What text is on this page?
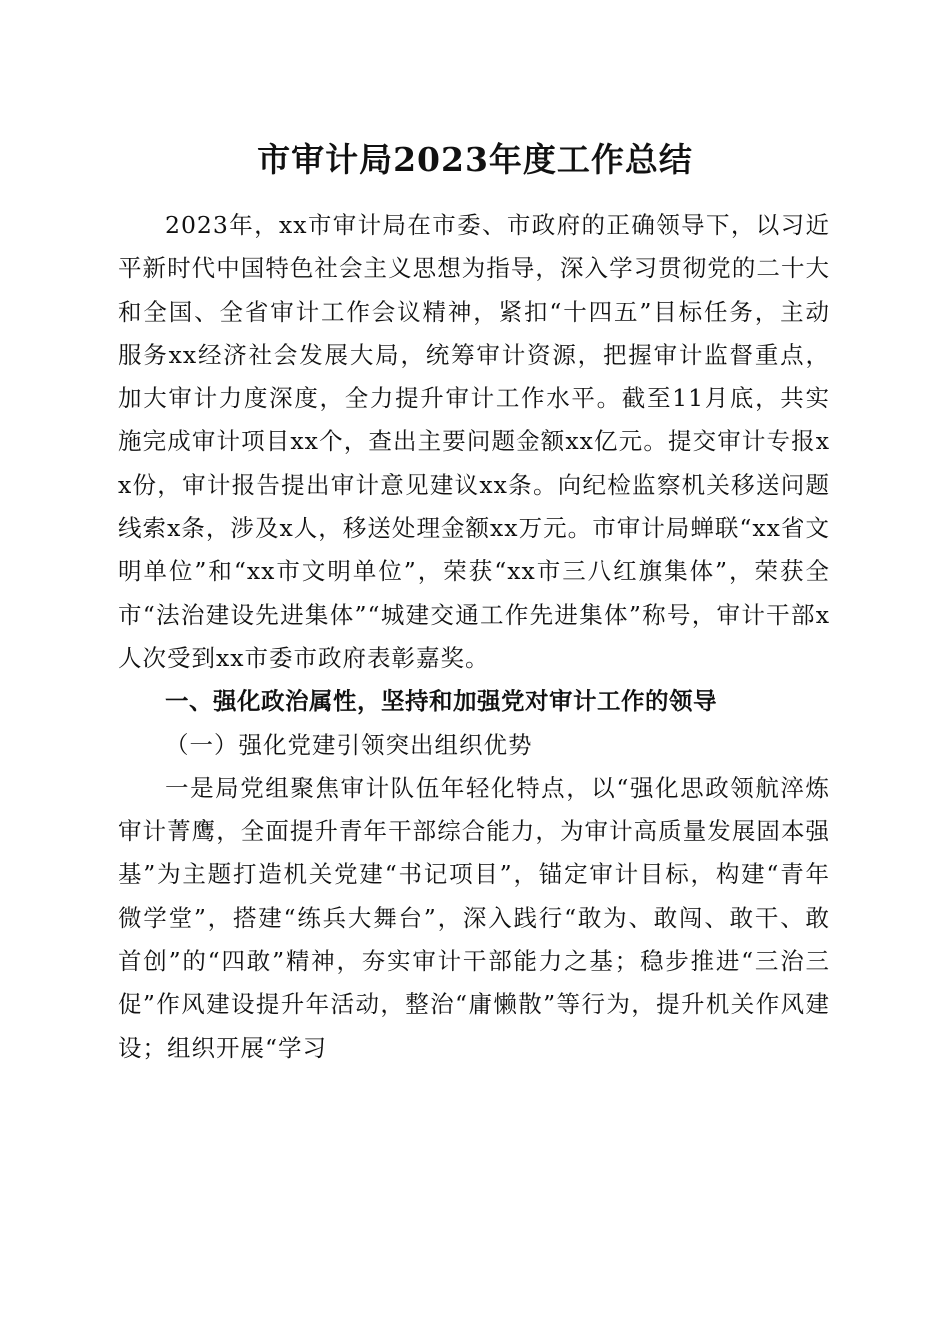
市审计局2023年度工作总结

2023年，xx市审计局在市委、市政府的正确领导下，以习近平新时代中国特色社会主义思想为指导，深入学习贯彻党的二十大和全国、全省审计工作会议精神，紧扣“十四五”目标任务，主动服务xx经济社会发展大局，统筹审计资源，把握审计监督重点，加大审计力度深度，全力提升审计工作水平。截至11月底，共实施完成审计项目xx个，查出主要问题金额xx亿元。提交审计专报xx份，审计报告提出审计意见建议xx条。向纪检监察机关移送问题线索x条，涉及x人，移送处理金额xx万元。市审计局蝉联“xx省文明单位”和“xx市文明单位”，荣获“xx市三八红旗集体”，荣获全市“法治建设先进集体”“城建交通工作先进集体”称号，审计干部x人次受到xx市委市政府表彰嘉奖。

一、强化政治属性，坚持和加强党对审计工作的领导
（一）强化党建引领突出组织优势

一是局党组聚焦审计队伍年轻化特点，以“强化思政领航淬炼审计菁鹰，全面提升青年干部综合能力，为审计高质量发展固本强基”为主题打造机关党建“书记项目”，锚定审计目标，构建“青年微学堂”，搭建“练兵大舞台”，深入践行“敢为、敢闯、敢干、敢首创”的“四敢”精神，夯实审计干部能力之基；稳步推进“三治三促”作风建设提升年活动，整治“庸懒散”等行为，提升机关作风建设；组织开展“学习
